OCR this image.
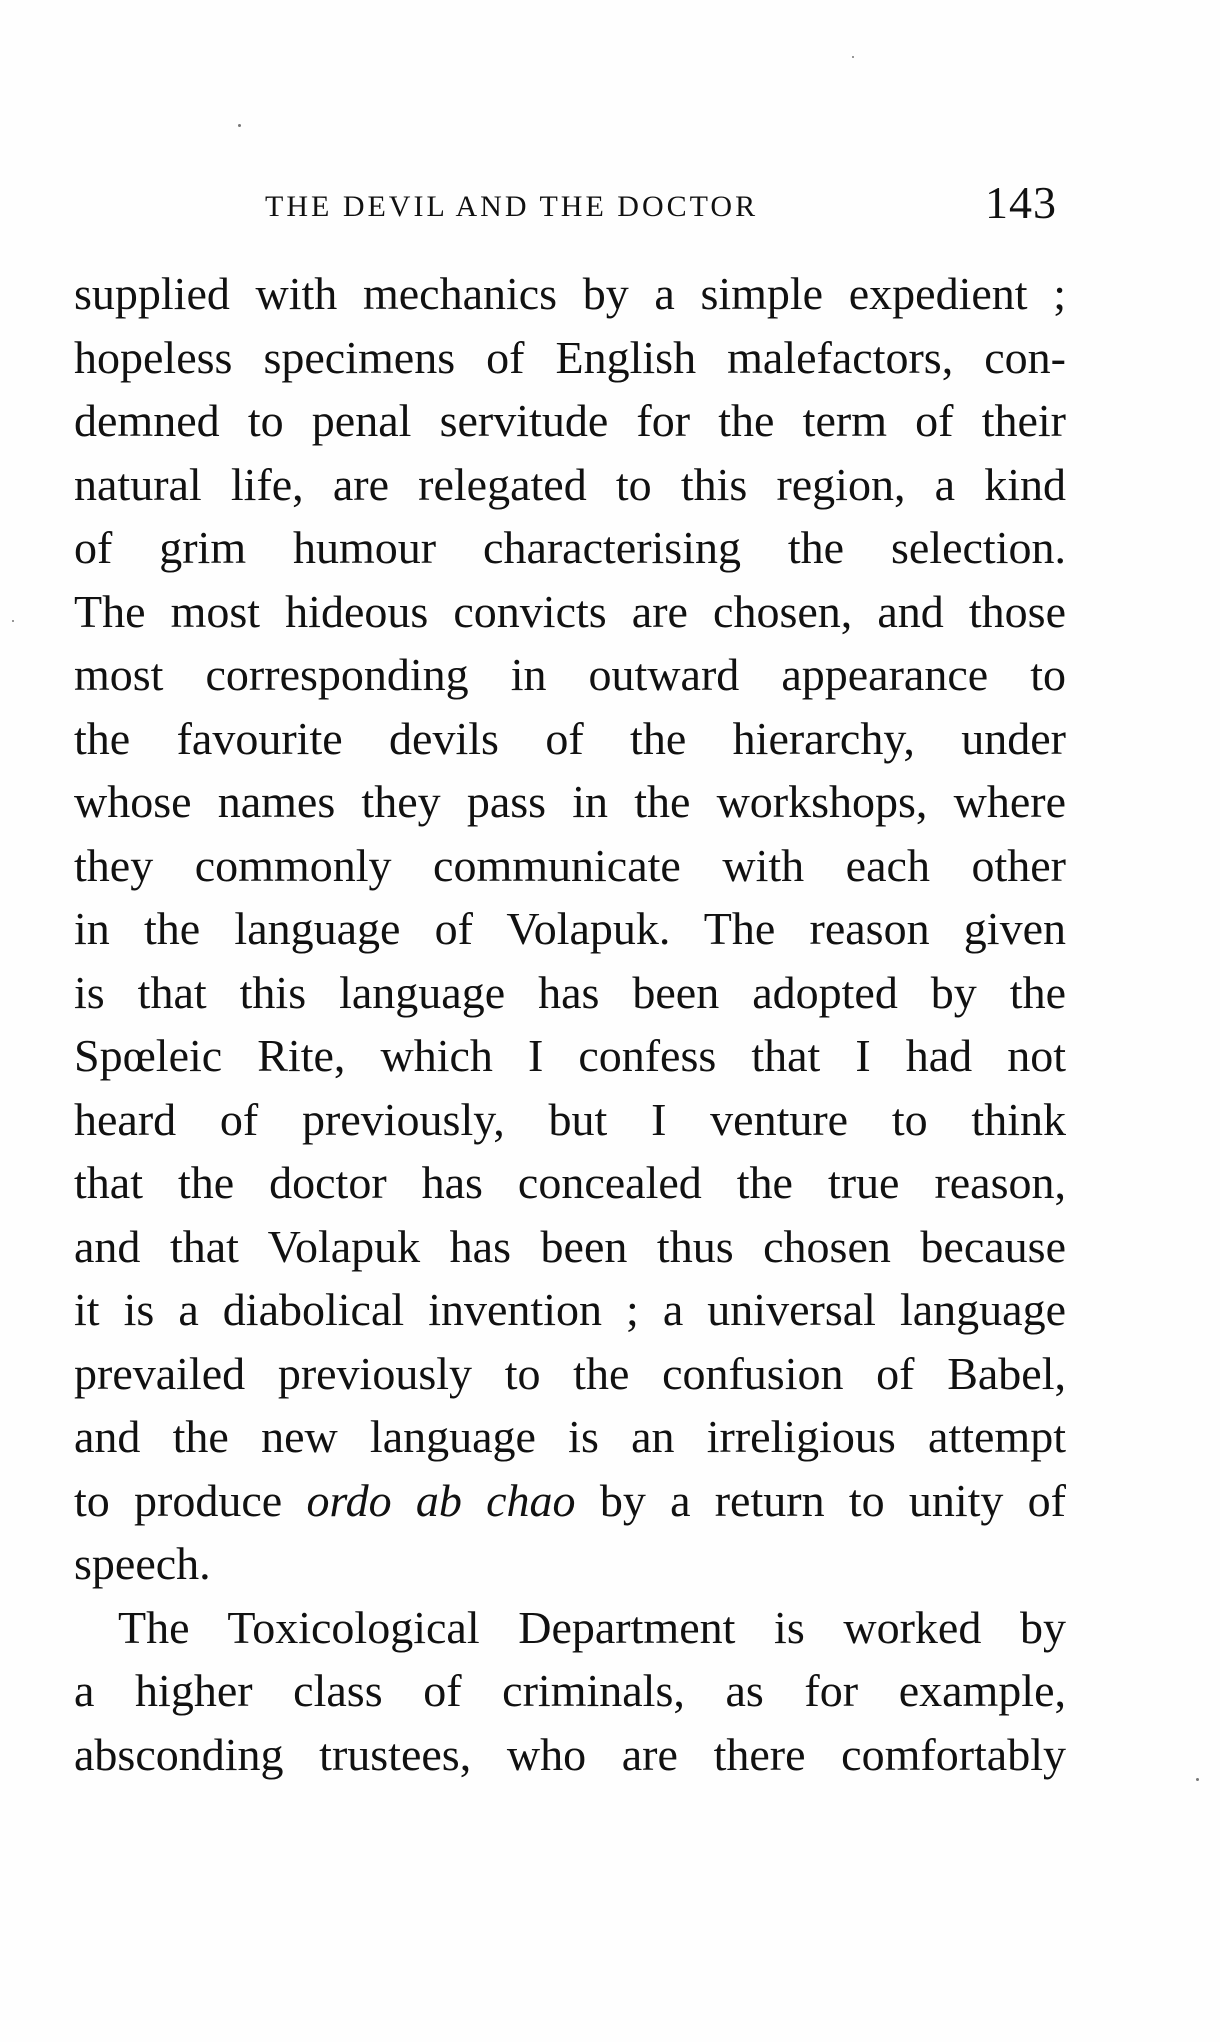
THE DEVIL AND THE DOCTOR	143
supplied with mechanics by a simple expedient ;
hopeless specimens of English malefactors, con-
demned to penal servitude for the term of their
natural life, are relegated to this region, a kind
of grim humour characterising the selection.
The most hideous convicts are chosen, and those
most corresponding in outward appearance to
the favourite devils of the hierarchy, under
whose names they pass in the workshops, where
they commonly communicate with each other
in the language of Volapuk. The reason given
is that this language has been adopted by the
Spœleic Rite, which I confess that I had not
heard of previously, but I venture to think
that the doctor has concealed the true reason,
and that Volapuk has been thus chosen because
it is a diabolical invention ; a universal language
prevailed previously to the confusion of Babel,
and the new language is an irreligious attempt
to produce ordo ab chao by a return to unity of
speech.
The Toxicological Department is worked by
a higher class of criminals, as for example,
absconding trustees, who are there comfortably
